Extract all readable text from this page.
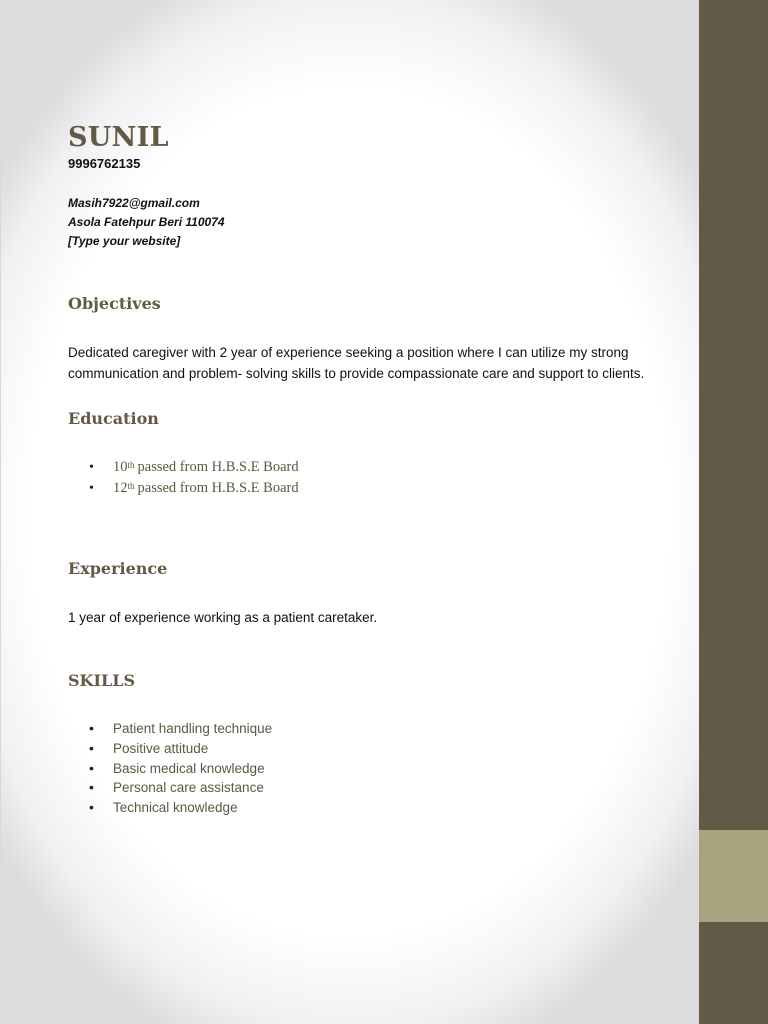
SUNIL
9996762135
Masih7922@gmail.com
Asola Fatehpur Beri 110074
[Type your website]
Objectives
Dedicated caregiver with 2 year of experience seeking a position where I can utilize my strong communication and problem- solving skills to provide compassionate care and support to clients.
Education
• 10th passed from H.B.S.E Board
• 12th passed from H.B.S.E Board
Experience
1 year of experience working as a patient caretaker.
SKILLS
• Patient handling technique
• Positive attitude
• Basic medical knowledge
• Personal care assistance
• Technical knowledge
